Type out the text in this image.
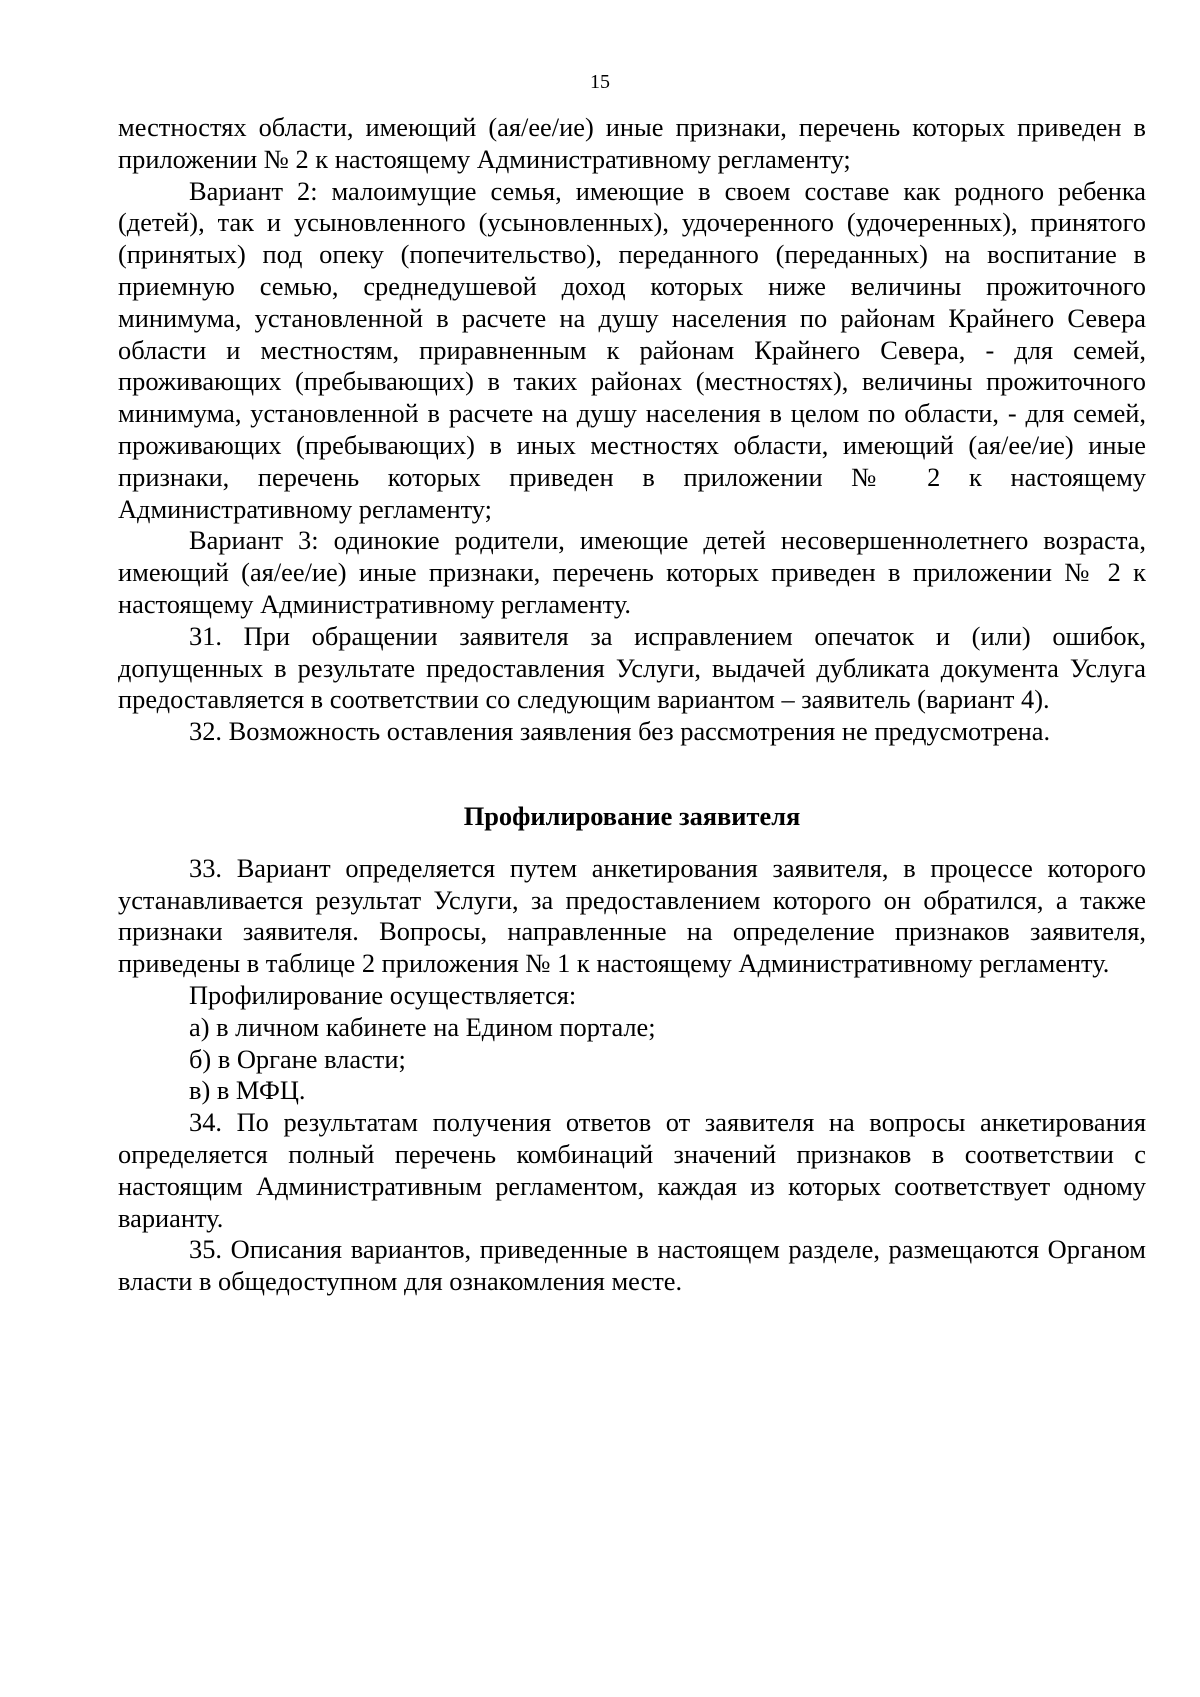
15

местностях области, имеющий (ая/ее/ие) иные признаки, перечень которых приведен в приложении № 2 к настоящему Административному регламенту;

Вариант 2: малоимущие семья, имеющие в своем составе как родного ребенка (детей), так и усыновленного (усыновленных), удочеренного (удочеренных), принятого (принятых) под опеку (попечительство), переданного (переданных) на воспитание в приемную семью, среднедушевой доход которых ниже величины прожиточного минимума, установленной в расчете на душу населения по районам Крайнего Севера области и местностям, приравненным к районам Крайнего Севера, - для семей, проживающих (пребывающих) в таких районах (местностях), величины прожиточного минимума, установленной в расчете на душу населения в целом по области, - для семей, проживающих (пребывающих) в иных местностях области, имеющий (ая/ее/ие) иные признаки, перечень которых приведен в приложении № 2 к настоящему Административному регламенту;

Вариант 3: одинокие родители, имеющие детей несовершеннолетнего возраста, имеющий (ая/ее/ие) иные признаки, перечень которых приведен в приложении № 2 к настоящему Административному регламенту.

31. При обращении заявителя за исправлением опечаток и (или) ошибок, допущенных в результате предоставления Услуги, выдачей дубликата документа Услуга предоставляется в соответствии со следующим вариантом – заявитель (вариант 4).

32. Возможность оставления заявления без рассмотрения не предусмотрена.

Профилирование заявителя

33. Вариант определяется путем анкетирования заявителя, в процессе которого устанавливается результат Услуги, за предоставлением которого он обратился, а также признаки заявителя. Вопросы, направленные на определение признаков заявителя, приведены в таблице 2 приложения № 1 к настоящему Административному регламенту.

Профилирование осуществляется:

а) в личном кабинете на Едином портале;

б) в Органе власти;

в) в МФЦ.

34. По результатам получения ответов от заявителя на вопросы анкетирования определяется полный перечень комбинаций значений признаков в соответствии с настоящим Административным регламентом, каждая из которых соответствует одному варианту.

35. Описания вариантов, приведенные в настоящем разделе, размещаются Органом власти в общедоступном для ознакомления месте.
